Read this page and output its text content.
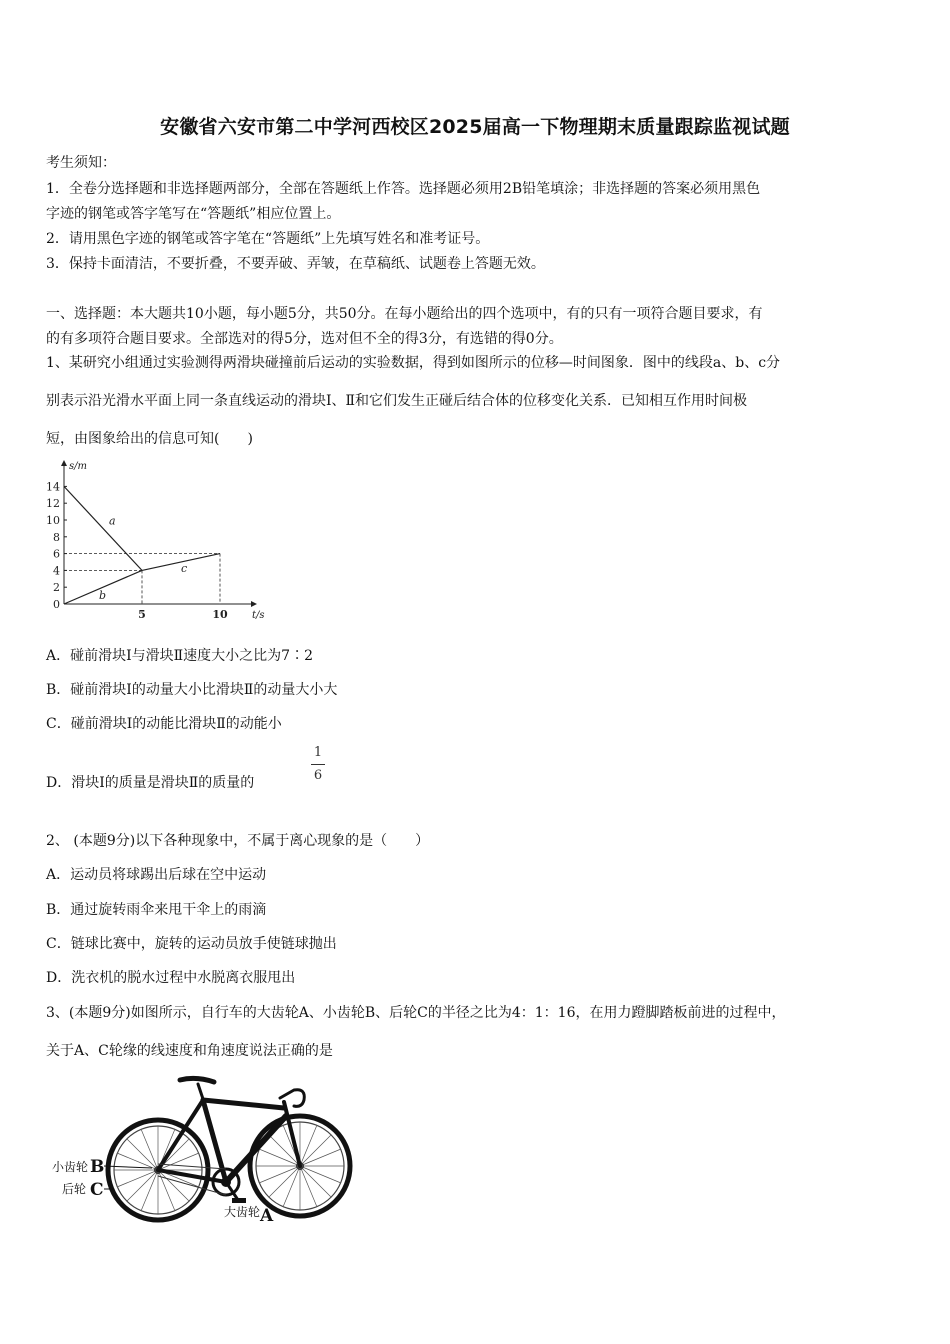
安徽省六安市第二中学河西校区2025届高一下物理期末质量跟踪监视试题
考生须知：
1．全卷分选择题和非选择题两部分，全部在答题纸上作答。选择题必须用2B铅笔填涂；非选择题的答案必须用黑色
字迹的钢笔或答字笔写在“答题纸”相应位置上。
2．请用黑色字迹的钢笔或答字笔在“答题纸”上先填写姓名和准考证号。
3．保持卡面清洁，不要折叠，不要弄破、弄皱，在草稿纸、试题卷上答题无效。
一、选择题：本大题共10小题，每小题5分，共50分。在每小题给出的四个选项中，有的只有一项符合题目要求，有
的有多项符合题目要求。全部选对的得5分，选对但不全的得3分，有选错的得0分。
1、某研究小组通过实验测得两滑块碰撞前后运动的实验数据，得到如图所示的位移—时间图象．图中的线段a、b、c分
别表示沿光滑水平面上同一条直线运动的滑块Ⅰ、Ⅱ和它们发生正碰后结合体的位移变化关系．已知相互作用时间极
短，由图象给出的信息可知(　　)
0
2
4
6
8
10
12
14
5	10
s/m
t/s
a
b
c
A．碰前滑块Ⅰ与滑块Ⅱ速度大小之比为7∶2
B．碰前滑块Ⅰ的动量大小比滑块Ⅱ的动量大小大
C．碰前滑块Ⅰ的动能比滑块Ⅱ的动能小
D．滑块Ⅰ的质量是滑块Ⅱ的质量的
1
6
2、 (本题9分)以下各种现象中，不属于离心现象的是（　　）
A．运动员将球踢出后球在空中运动
B．通过旋转雨伞来甩干伞上的雨滴
C．链球比赛中，旋转的运动员放手使链球抛出
D．洗衣机的脱水过程中水脱离衣服甩出
3、(本题9分)如图所示，自行车的大齿轮A、小齿轮B、后轮C的半径之比为4：1：16，在用力蹬脚踏板前进的过程中，
关于A、C轮缘的线速度和角速度说法正确的是
小齿轮 B
后轮 C
大齿轮 A
